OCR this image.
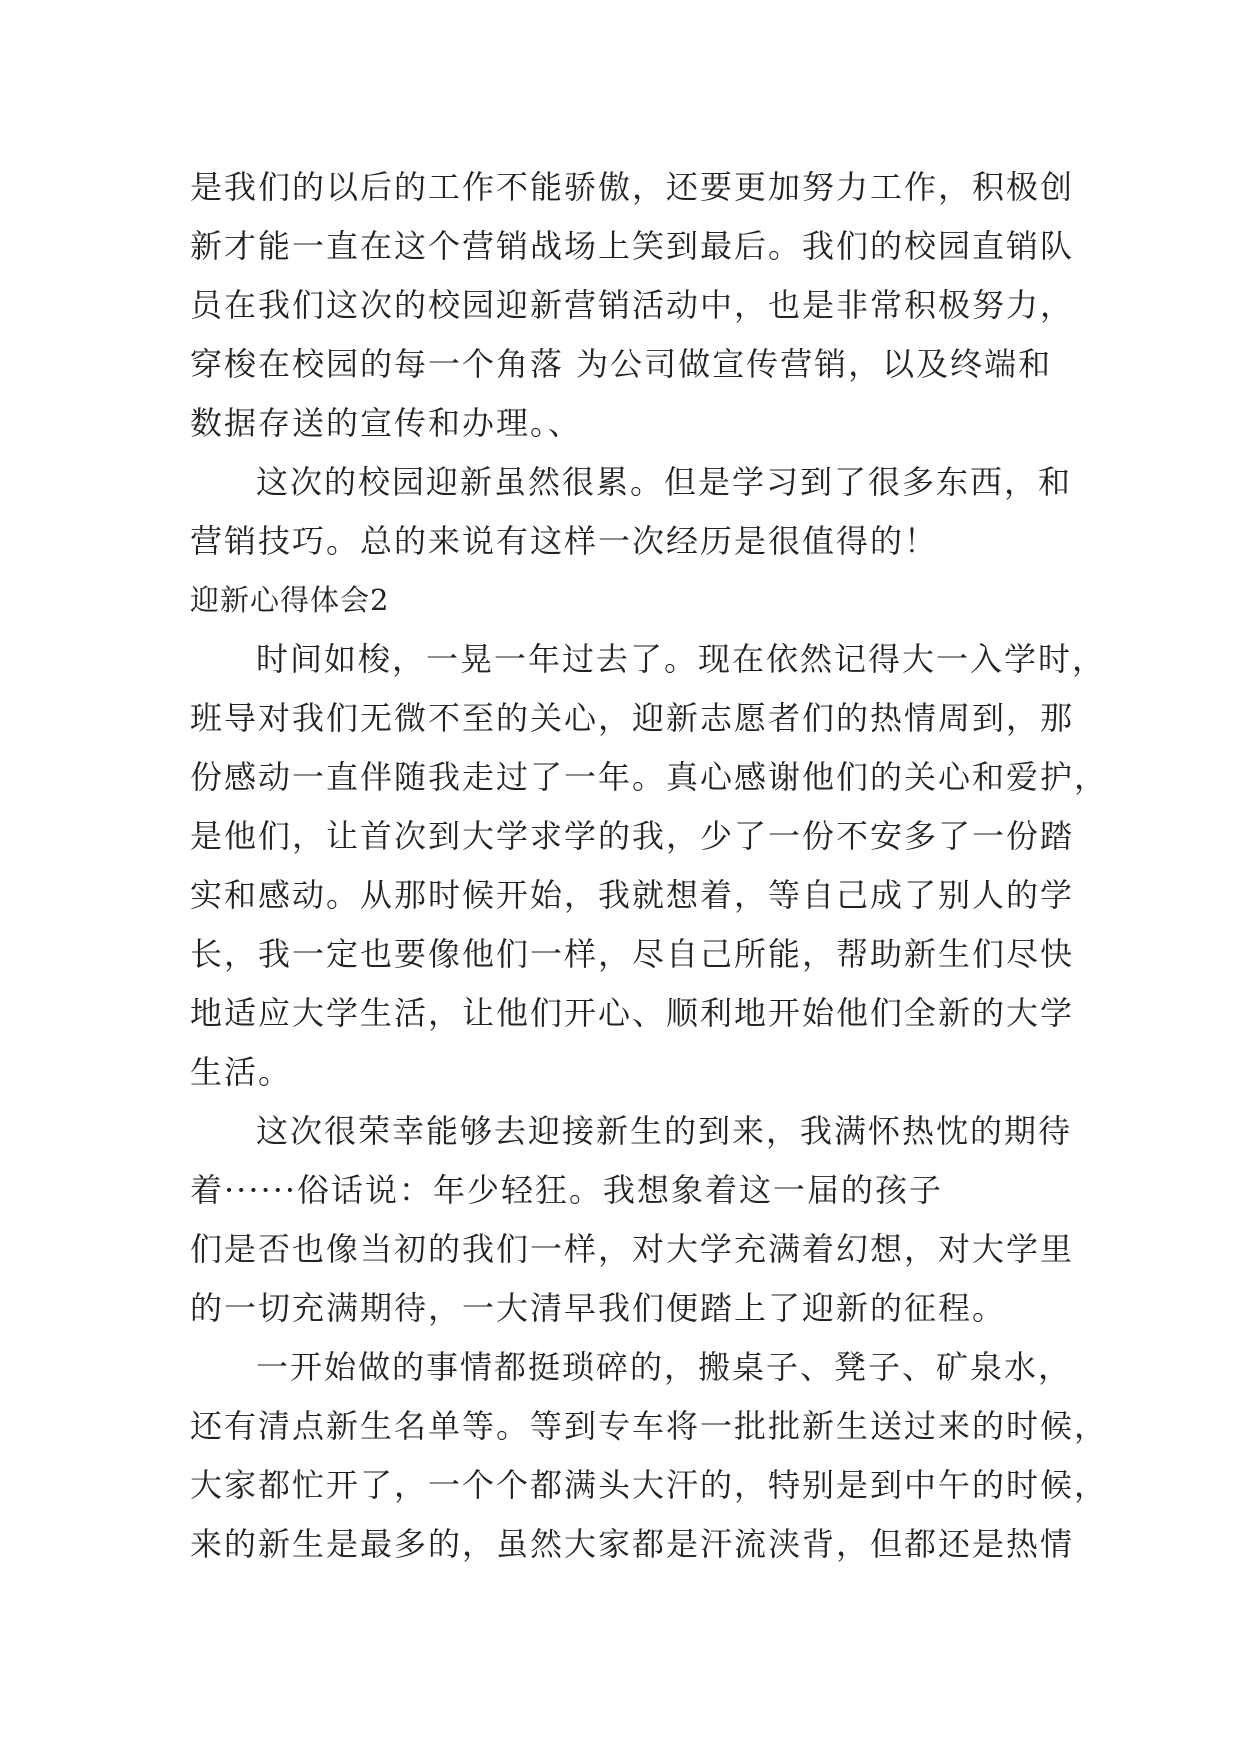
是我们的以后的工作不能骄傲，还要更加努力工作，积极创
新才能一直在这个营销战场上笑到最后。我们的校园直销队
员在我们这次的校园迎新营销活动中，也是非常积极努力，
穿梭在校园的每一个角落 为公司做宣传营销，以及终端和
数据存送的宣传和办理。、
这次的校园迎新虽然很累。但是学习到了很多东西，和
营销技巧。总的来说有这样一次经历是很值得的！
迎新心得体会2
时间如梭，一晃一年过去了。现在依然记得大一入学时，
班导对我们无微不至的关心，迎新志愿者们的热情周到，那
份感动一直伴随我走过了一年。真心感谢他们的关心和爱护，
是他们，让首次到大学求学的我，少了一份不安多了一份踏
实和感动。从那时候开始，我就想着，等自己成了别人的学
长，我一定也要像他们一样，尽自己所能，帮助新生们尽快
地适应大学生活，让他们开心、顺利地开始他们全新的大学
生活。
这次很荣幸能够去迎接新生的到来，我满怀热忱的期待
着······俗话说：年少轻狂。我想象着这一届的孩子
们是否也像当初的我们一样，对大学充满着幻想，对大学里
的一切充满期待，一大清早我们便踏上了迎新的征程。
一开始做的事情都挺琐碎的，搬桌子、凳子、矿泉水，
还有清点新生名单等。等到专车将一批批新生送过来的时候，
大家都忙开了，一个个都满头大汗的，特别是到中午的时候，
来的新生是最多的，虽然大家都是汗流浃背，但都还是热情
